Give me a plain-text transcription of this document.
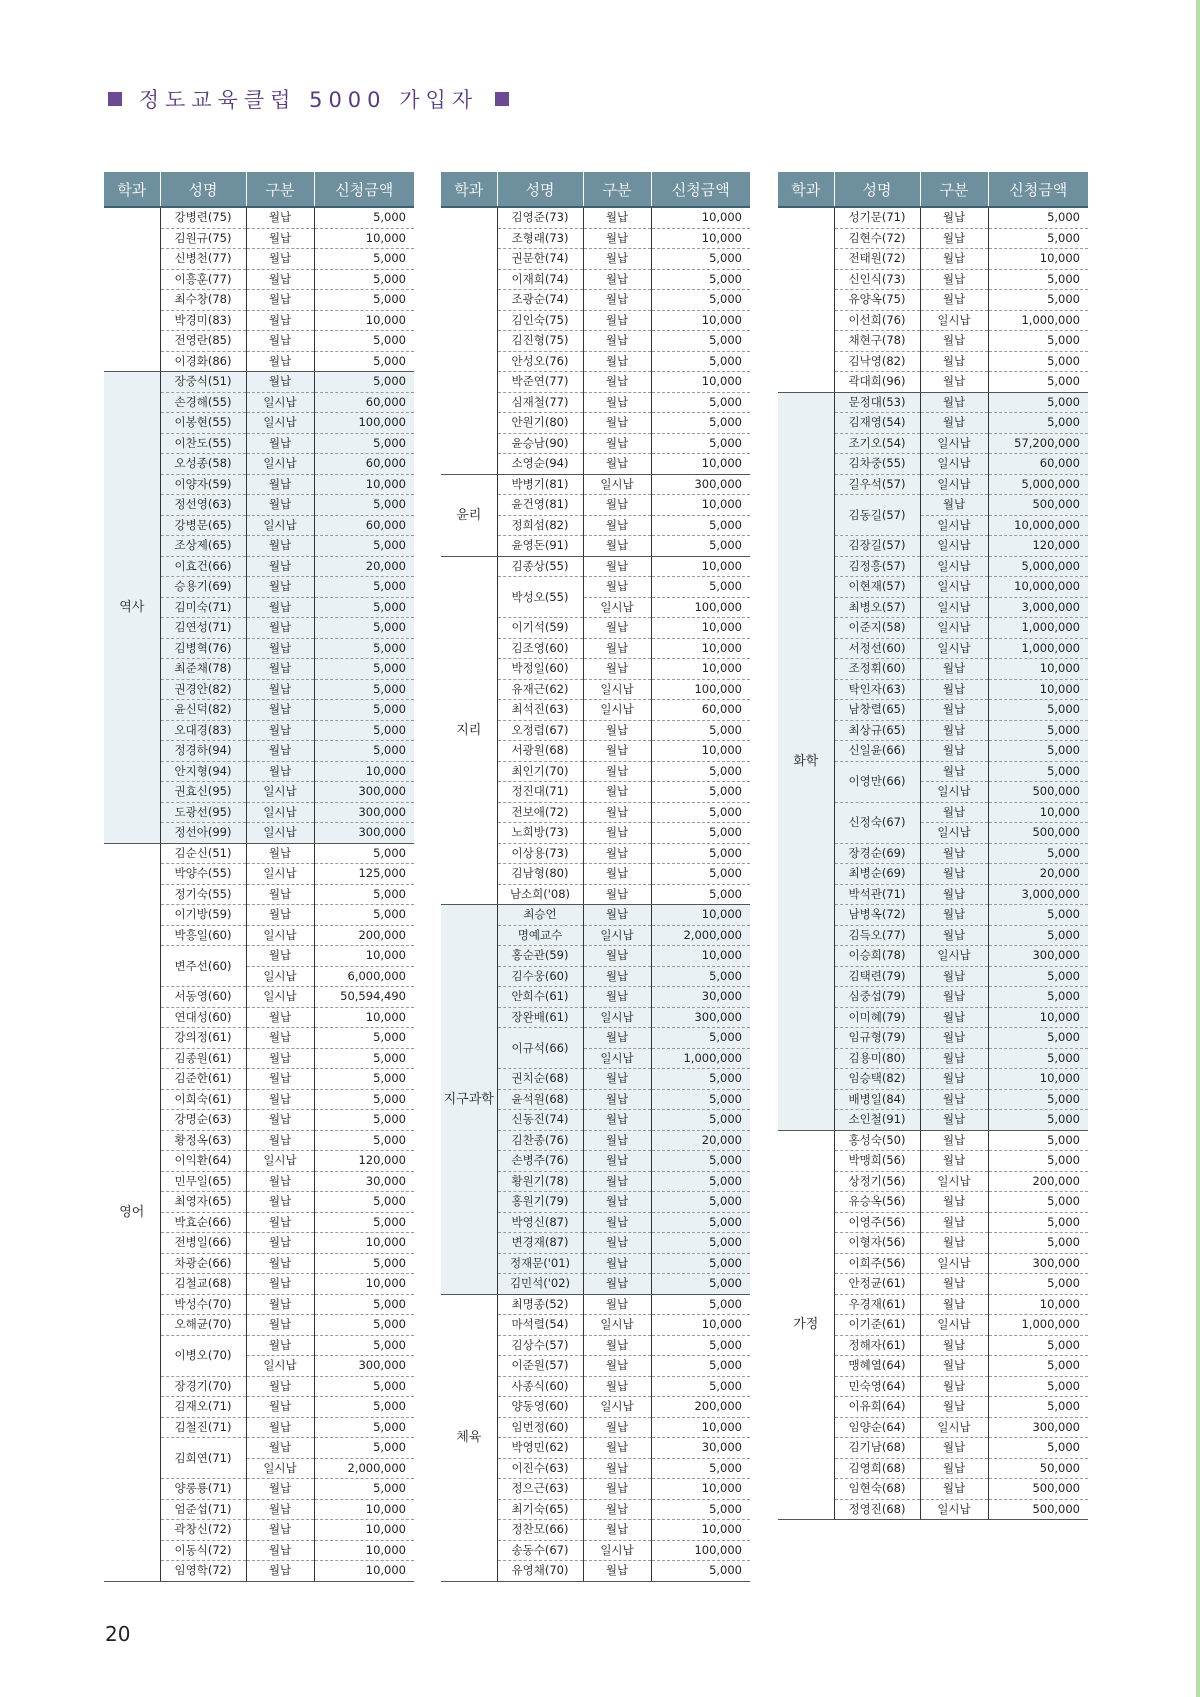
정도교육클럽 5000 가입자
학과	성명	구분	신청금액
	강병련(75)	월납	5,000
	김원규(75)	월납	10,000
	신병천(77)	월납	5,000
	이흥훈(77)	월납	5,000
	최수창(78)	월납	5,000
	박경미(83)	월납	10,000
	전영란(85)	월납	5,000
	이경화(86)	월납	5,000
역사	장중식(51)	월납	5,000
	손경해(55)	일시납	60,000
	이봉현(55)	일시납	100,000
	이찬도(55)	월납	5,000
	오성종(58)	일시납	60,000
	이양자(59)	월납	10,000
	정선영(63)	월납	5,000
	강병문(65)	일시납	60,000
	조상제(65)	월납	5,000
	이효건(66)	월납	20,000
	승용기(69)	월납	5,000
	김미숙(71)	월납	5,000
	김연성(71)	월납	5,000
	김병혁(76)	월납	5,000
	최준채(78)	월납	5,000
	권경안(82)	월납	5,000
	윤신덕(82)	월납	5,000
	오대경(83)	월납	5,000
	정경하(94)	월납	5,000
	안지형(94)	월납	10,000
	권효신(95)	일시납	300,000
	도광선(95)	일시납	300,000
	정선아(99)	일시납	300,000
영어	김순신(51)	월납	5,000
	박양수(55)	일시납	125,000
	정기숙(55)	월납	5,000
	이기방(59)	월납	5,000
	박흥일(60)	일시납	200,000
	변주선(60)	월납	10,000
		일시납	6,000,000
	서동영(60)	일시납	50,594,490
	연대성(60)	월납	10,000
	강의정(61)	월납	5,000
	김종원(61)	월납	5,000
	김준한(61)	월납	5,000
	이희숙(61)	월납	5,000
	강명순(63)	월납	5,000
	황정옥(63)	월납	5,000
	이익환(64)	일시납	120,000
	민무일(65)	월납	30,000
	최영자(65)	월납	5,000
	박효순(66)	월납	5,000
	전병일(66)	월납	10,000
	차광순(66)	월납	5,000
	김철교(68)	월납	10,000
	박성수(70)	월납	5,000
	오해균(70)	월납	5,000
	이병오(70)	월납	5,000
		일시납	300,000
	장경기(70)	월납	5,000
	김재오(71)	월납	5,000
	김철진(71)	월납	5,000
	김희연(71)	월납	5,000
		일시납	2,000,000
	양롱룡(71)	월납	5,000
	엄준섭(71)	월납	10,000
	곽창신(72)	월납	10,000
	이동식(72)	월납	10,000
	임영학(72)	월납	10,000
학과	성명	구분	신청금액
	김영준(73)	월납	10,000
	조형래(73)	월납	10,000
	권문한(74)	월납	5,000
	이재희(74)	월납	5,000
	조광순(74)	월납	5,000
	김인숙(75)	월납	10,000
	김진형(75)	월납	5,000
	안성오(76)	월납	5,000
	박준연(77)	월납	10,000
	심재철(77)	월납	5,000
	안원기(80)	월납	5,000
	윤승남(90)	월납	5,000
	소영순(94)	월납	10,000
윤리	박병기(81)	일시납	300,000
	윤건영(81)	월납	10,000
	정희섬(82)	월납	5,000
	윤영돈(91)	월납	5,000
지리	김종상(55)	월납	10,000
	박성오(55)	월납	5,000
		일시납	100,000
	이기석(59)	월납	10,000
	김조영(60)	월납	10,000
	박정일(60)	월납	10,000
	유재근(62)	일시납	100,000
	최석진(63)	일시납	60,000
	오정렴(67)	월납	5,000
	서광원(68)	월납	10,000
	최인기(70)	월납	5,000
	정진대(71)	월납	5,000
	전보애(72)	월납	5,000
	노희방(73)	월납	5,000
	이상용(73)	월납	5,000
	김남형(80)	월납	5,000
	남소희('08)	월납	5,000
지구과학	최승언	월납	10,000
	명예교수	일시납	2,000,000
	홍순관(59)	월납	10,000
	김수웅(60)	월납	5,000
	안희수(61)	월납	30,000
	장완배(61)	일시납	300,000
	이규석(66)	월납	5,000
		일시납	1,000,000
	권치순(68)	월납	5,000
	윤석원(68)	월납	5,000
	신동진(74)	월납	5,000
	김찬종(76)	월납	20,000
	손병주(76)	월납	5,000
	황원기(78)	월납	5,000
	홍원기(79)	월납	5,000
	박영신(87)	월납	5,000
	변경재(87)	월납	5,000
	정재문('01)	월납	5,000
	김민석('02)	월납	5,000
체육	최명종(52)	월납	5,000
	마석렬(54)	일시납	10,000
	김상수(57)	월납	5,000
	이준원(57)	월납	5,000
	사종식(60)	월납	5,000
	양동영(60)	일시납	200,000
	임번정(60)	월납	10,000
	박영민(62)	월납	30,000
	이진수(63)	월납	5,000
	정으근(63)	월납	10,000
	최기숙(65)	월납	5,000
	정찬모(66)	월납	10,000
	송동수(67)	일시납	100,000
	유영채(70)	월납	5,000
학과	성명	구분	신청금액
	성기문(71)	월납	5,000
	김현수(72)	월납	5,000
	전태원(72)	월납	10,000
	신인식(73)	월납	5,000
	유양옥(75)	월납	5,000
	이선희(76)	일시납	1,000,000
	채현구(78)	월납	5,000
	김낙영(82)	월납	5,000
	곽대희(96)	월납	5,000
화학	문정대(53)	월납	5,000
	김재영(54)	월납	5,000
	조기오(54)	일시납	57,200,000
	김차중(55)	일시납	60,000
	길우석(57)	일시납	5,000,000
	김동길(57)	월납	500,000
		일시납	10,000,000
	김장길(57)	일시납	120,000
	김정흥(57)	일시납	5,000,000
	이현재(57)	일시납	10,000,000
	최병오(57)	일시납	3,000,000
	이준지(58)	일시납	1,000,000
	서정선(60)	일시납	1,000,000
	조정휘(60)	월납	10,000
	탁인자(63)	월납	10,000
	남창렬(65)	월납	5,000
	최상규(65)	월납	5,000
	신일윤(66)	월납	5,000
	이영만(66)	월납	5,000
		일시납	500,000
	신정숙(67)	월납	10,000
		일시납	500,000
	장경순(69)	월납	5,000
	최병순(69)	월납	20,000
	박석관(71)	월납	3,000,000
	남병옥(72)	월납	5,000
	김득오(77)	월납	5,000
	이승희(78)	일시납	300,000
	김택련(79)	월납	5,000
	심중섭(79)	월납	5,000
	이미혜(79)	월납	10,000
	임규형(79)	월납	5,000
	김용미(80)	월납	5,000
	임승택(82)	월납	10,000
	배병일(84)	월납	5,000
	소인철(91)	월납	5,000
가정	홍성숙(50)	월납	5,000
	박맹희(56)	월납	5,000
	상정기(56)	일시납	200,000
	유승옥(56)	월납	5,000
	이영주(56)	월납	5,000
	이형자(56)	월납	5,000
	이희주(56)	일시납	300,000
	안정균(61)	월납	5,000
	우경재(61)	월납	10,000
	이기준(61)	일시납	1,000,000
	정해자(61)	월납	5,000
	맹혜열(64)	월납	5,000
	민숙영(64)	월납	5,000
	이유희(64)	월납	5,000
	임양순(64)	일시납	300,000
	김기남(68)	월납	5,000
	김영희(68)	월납	50,000
	임현숙(68)	월납	500,000
	정영진(68)	일시납	500,000
20
